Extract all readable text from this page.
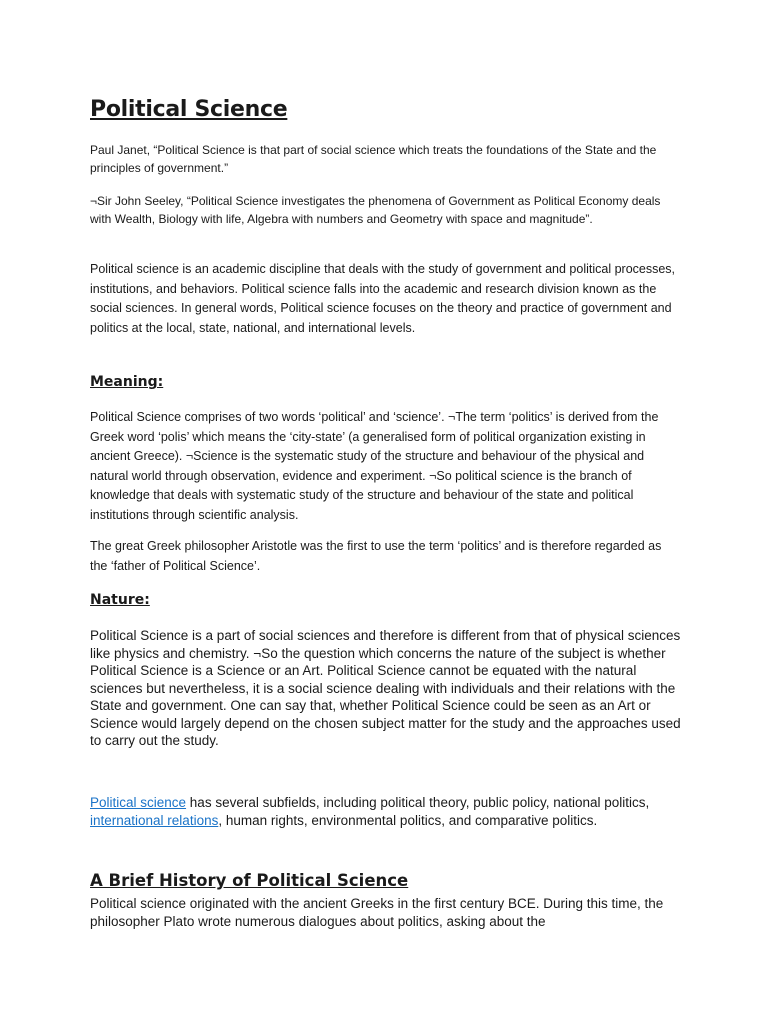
Political Science

Paul Janet, “Political Science is that part of social science which treats the foundations of the State and the principles of government.”

¬Sir John Seeley, “Political Science investigates the phenomena of Government as Political Economy deals with Wealth, Biology with life, Algebra with numbers and Geometry with space and magnitude”.

Political science is an academic discipline that deals with the study of government and political processes, institutions, and behaviors. Political science falls into the academic and research division known as the social sciences. In general words, Political science focuses on the theory and practice of government and politics at the local, state, national, and international levels.

Meaning:

Political Science comprises of two words ‘political’ and ‘science’. ¬The term ‘politics’ is derived from the Greek word ‘polis’ which means the ‘city-state’ (a generalised form of political organization existing in ancient Greece). ¬Science is the systematic study of the structure and behaviour of the physical and natural world through observation, evidence and experiment. ¬So political science is the branch of knowledge that deals with systematic study of the structure and behaviour of the state and political institutions through scientific analysis.

The great Greek philosopher Aristotle was the first to use the term ‘politics’ and is therefore regarded as the ‘father of Political Science’.

Nature:

Political Science is a part of social sciences and therefore is different from that of physical sciences like physics and chemistry. ¬So the question which concerns the nature of the subject is whether Political Science is a Science or an Art. Political Science cannot be equated with the natural sciences but nevertheless, it is a social science dealing with individuals and their relations with the State and government. One can say that, whether Political Science could be seen as an Art or Science would largely depend on the chosen subject matter for the study and the approaches used to carry out the study.

Political science has several subfields, including political theory, public policy, national politics, international relations, human rights, environmental politics, and comparative politics.

A Brief History of Political Science

Political science originated with the ancient Greeks in the first century BCE. During this time, the philosopher Plato wrote numerous dialogues about politics, asking about the
